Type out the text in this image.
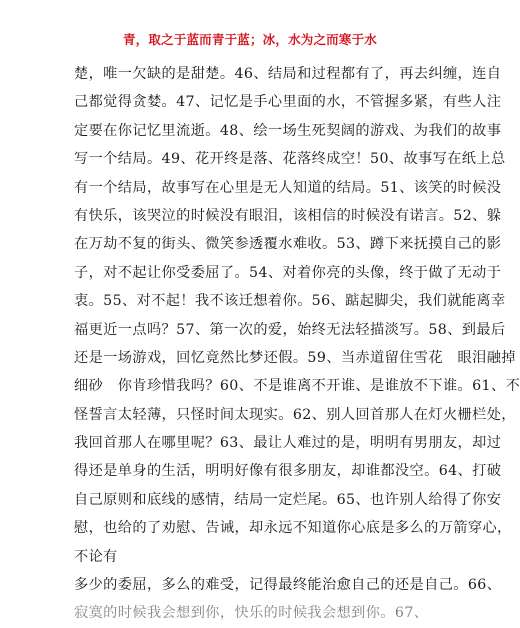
青，取之于蓝而青于蓝；冰，水为之而寒于水
楚，唯一欠缺的是甜楚。46、结局和过程都有了，再去纠缠，连自
己都觉得贪婪。47、记忆是手心里面的水，不管握多紧，有些人注
定要在你记忆里流逝。48、绘一场生死契阔的游戏、为我们的故事
写一个结局。49、花开终是落、花落终成空！50、故事写在纸上总
有一个结局，故事写在心里是无人知道的结局。51、该笑的时候没
有快乐，该哭泣的时候没有眼泪，该相信的时候没有诺言。52、躲
在万劫不复的街头、微笑参透覆水难收。53、蹲下来抚摸自己的影
子，对不起让你受委屈了。54、对着你亮的头像，终于做了无动于
衷。55、对不起！我不该迁想着你。56、踮起脚尖，我们就能离幸
福更近一点吗？57、第一次的爱，始终无法轻描淡写。58、到最后
还是一场游戏，回忆竟然比梦还假。59、当赤道留住雪花　眼泪融掉
细砂　你肯珍惜我吗？60、不是谁离不开谁、是谁放不下谁。61、不
怪誓言太轻薄，只怪时间太现实。62、别人回首那人在灯火栅栏处，
我回首那人在哪里呢？63、最让人难过的是，明明有男朋友，却过
得还是单身的生活，明明好像有很多朋友，却谁都没空。64、打破
自己原则和底线的感情，结局一定烂尾。65、也许别人给得了你安
慰，也给的了劝慰、告诫，却永远不知道你心底是多么的万箭穿心，
不论有
多少的委屈，多么的难受，记得最终能治愈自己的还是自己。66、
寂寞的时候我会想到你，快乐的时候我会想到你。67、
